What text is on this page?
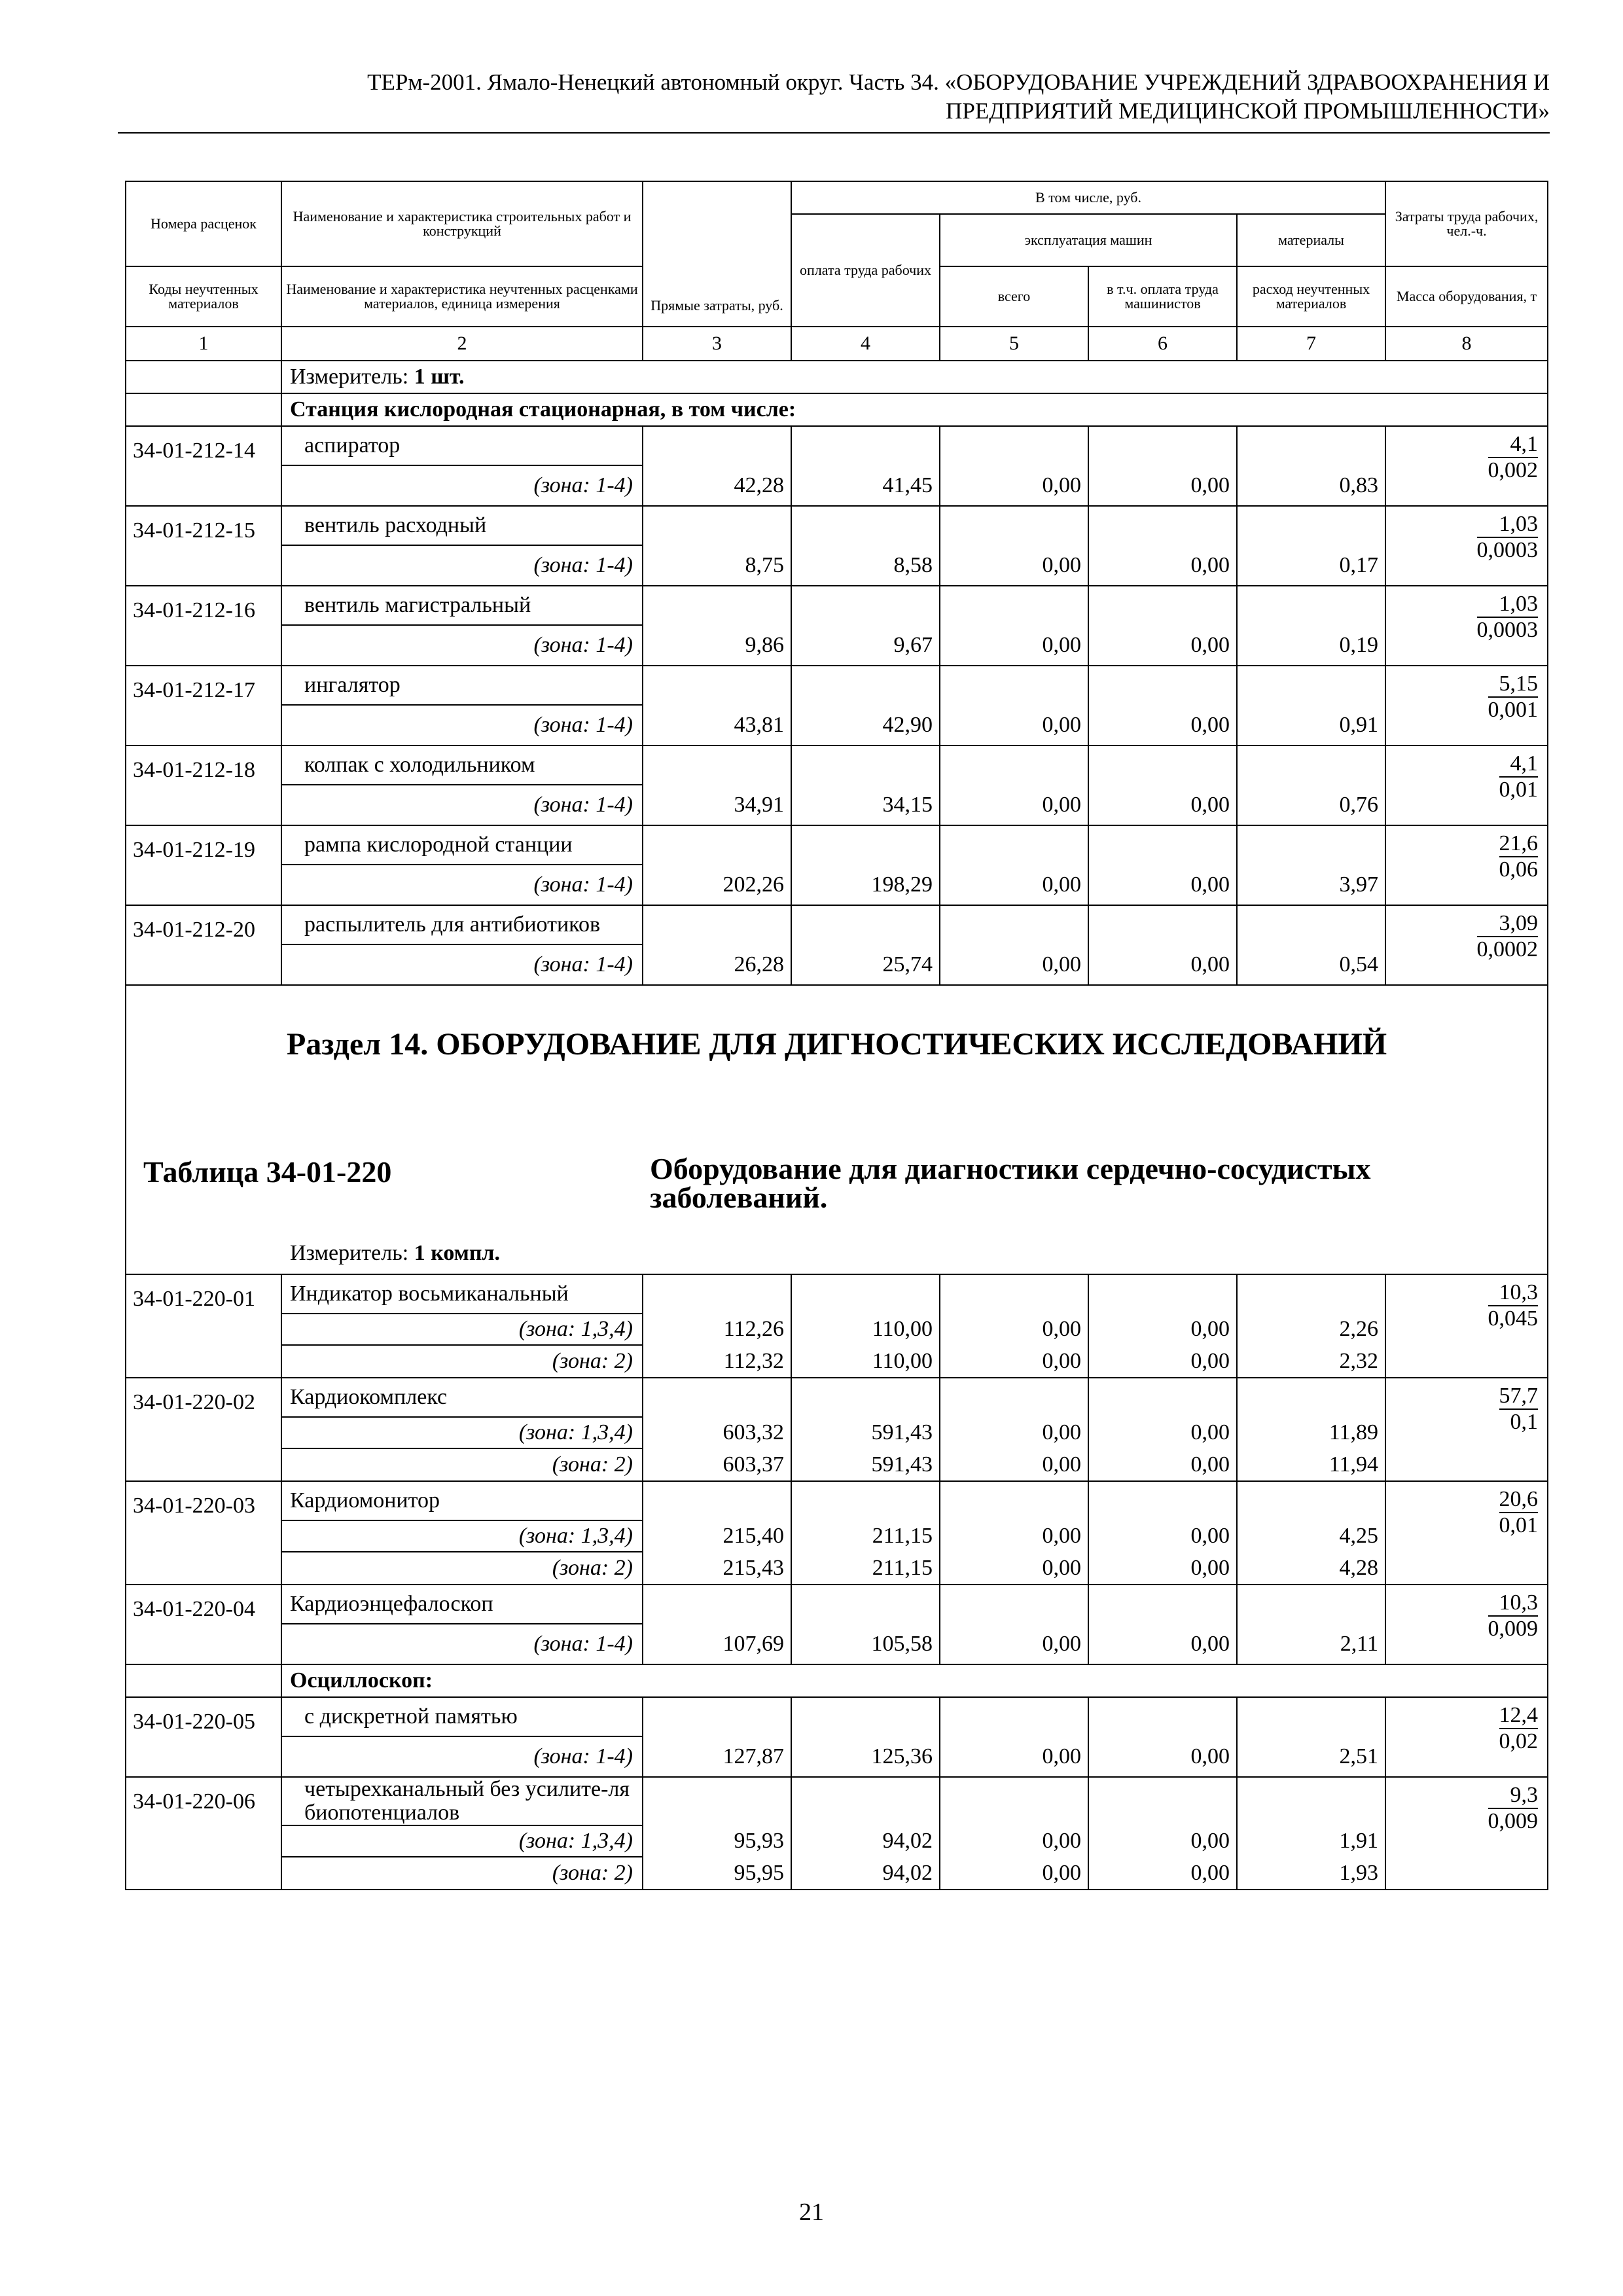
ТЕРм-2001. Ямало-Ненецкий автономный округ. Часть 34. «ОБОРУДОВАНИЕ УЧРЕЖДЕНИЙ ЗДРАВООХРАНЕНИЯ И
ПРЕДПРИЯТИЙ МЕДИЦИНСКОЙ ПРОМЫШЛЕННОСТИ»
Номера расценок	Наименование и характеристика строительных работ и конструкций	Прямые затраты, руб.	В том числе, руб.				Затраты труда рабочих, чел.-ч.
			оплата труда рабочих	эксплуатация машин		материалы	
Коды неучтенных материалов	Наименование и характеристика неучтенных расценками материалов, единица измерения			всего	в т.ч. оплата труда машинистов	расход неучтенных материалов	Масса оборудования, т
1	2	3	4	5	6	7	8
	Измеритель: 1 шт.						
	Станция кислородная стационарная, в том числе:						
34-01-212-14	аспиратор						$\frac{4,1}{0,002}$

	(зона: 1-4)	42,28	41,45	0,00	0,00	0,83	
34-01-212-15	вентиль расходный						$\frac{1,03}{0,0003}$

	(зона: 1-4)	8,75	8,58	0,00	0,00	0,17	
34-01-212-16	вентиль магистральный						$\frac{1,03}{0,0003}$

	(зона: 1-4)	9,86	9,67	0,00	0,00	0,19	
34-01-212-17	ингалятор						$\frac{5,15}{0,001}$

	(зона: 1-4)	43,81	42,90	0,00	0,00	0,91	
34-01-212-18	колпак с холодильником						$\frac{4,1}{0,01}$

	(зона: 1-4)	34,91	34,15	0,00	0,00	0,76	
34-01-212-19	рампа кислородной станции						$\frac{21,6}{0,06}$

	(зона: 1-4)	202,26	198,29	0,00	0,00	3,97	
34-01-212-20	распылитель для антибиотиков						$\frac{3,09}{0,0002}$

	(зона: 1-4)	26,28	25,74	0,00	0,00	0,54	

Раздел 14. ОБОРУДОВАНИЕ ДЛЯ ДИГНОСТИЧЕСКИХ ИССЛЕДОВАНИЙ
Таблица 34-01-220 Оборудование для диагностики сердечно-сосудистых заболеваний.
Измеритель: 1 компл.							

34-01-220-01	Индикатор восьмиканальный						$\frac{10,3}{0,045}$

	(зона: 1,3,4)	112,26	110,00	0,00	0,00	2,26	
	(зона: 2)	112,32	110,00	0,00	0,00	2,32	
34-01-220-02	Кардиокомплекс						$\frac{57,7}{0,1}$

	(зона: 1,3,4)	603,32	591,43	0,00	0,00	11,89	
	(зона: 2)	603,37	591,43	0,00	0,00	11,94	
34-01-220-03	Кардиомонитор						$\frac{20,6}{0,01}$

	(зона: 1,3,4)	215,40	211,15	0,00	0,00	4,25	
	(зона: 2)	215,43	211,15	0,00	0,00	4,28	
34-01-220-04	Кардиоэнцефалоскоп						$\frac{10,3}{0,009}$

	(зона: 1-4)	107,69	105,58	0,00	0,00	2,11	
	Осциллоскоп:						
34-01-220-05	с дискретной памятью						$\frac{12,4}{0,02}$

	(зона: 1-4)	127,87	125,36	0,00	0,00	2,51	
34-01-220-06	четырехканальный без усилите-ля биопотенциалов						$\frac{9,3}{0,009}$

	(зона: 1,3,4)	95,93	94,02	0,00	0,00	1,91	
	(зона: 2)	95,95	94,02	0,00	0,00	1,93	
21
